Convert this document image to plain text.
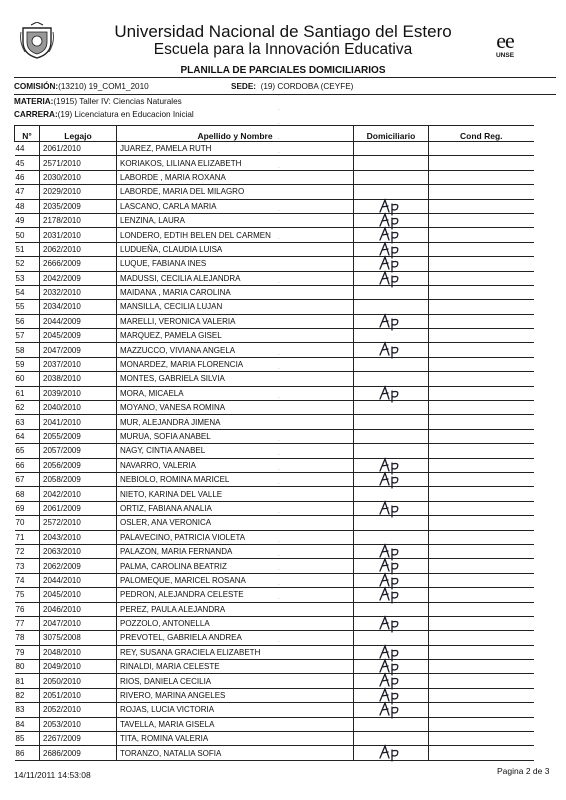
Universidad Nacional de Santiago del Estero
Escuela para la Innovación Educativa	ee
UNSE
PLANILLA DE PARCIALES DOMICILIARIOS
COMISIÓN:(13210) 19_COM1_2010	SEDE: (19) CORDOBA (CEYFE)
MATERIA:(1915) Taller IV: Ciencias Naturales
CARRERA:(19) Licenciatura en Educacion Inicial
N°	Legajo	Apellido y Nombre	Domiciliario	Cond Reg.
44	2061/2010	JUAREZ, PAMELA RUTH		
45	2571/2010	KORIAKOS, LILIANA ELIZABETH		
46	2030/2010	LABORDE , MARIA ROXANA		
47	2029/2010	LABORDE, MARIA DEL MILAGRO		
48	2035/2009	LASCANO, CARLA MARIA	AP	

49	2178/2010	LENZINA, LAURA	AP	

50	2031/2010	LONDERO, EDTIH BELEN DEL CARMEN	AP	

51	2062/2010	LUDUEÑA, CLAUDIA LUISA	AP	

52	2666/2009	LUQUE, FABIANA INES	AP	

53	2042/2009	MADUSSI, CECILIA ALEJANDRA	AP	

54	2032/2010	MAIDANA , MARIA CAROLINA		
55	2034/2010	MANSILLA, CECILIA LUJAN		
56	2044/2009	MARELLI, VERONICA VALERIA	AP	

57	2045/2009	MARQUEZ, PAMELA GISEL		
58	2047/2009	MAZZUCCO, VIVIANA ANGELA	AP	

59	2037/2010	MONARDEZ, MARIA FLORENCIA		
60	2038/2010	MONTES, GABRIELA SILVIA		
61	2039/2010	MORA, MICAELA	AP	

62	2040/2010	MOYANO, VANESA ROMINA		
63	2041/2010	MUR, ALEJANDRA JIMENA		
64	2055/2009	MURUA, SOFIA ANABEL		
65	2057/2009	NAGY, CINTIA ANABEL		
66	2056/2009	NAVARRO, VALERIA	AP	

67	2058/2009	NEBIOLO, ROMINA MARICEL	AP	

68	2042/2010	NIETO, KARINA DEL VALLE		
69	2061/2009	ORTIZ, FABIANA ANALIA	AP	

70	2572/2010	OSLER, ANA VERONICA		
71	2043/2010	PALAVECINO, PATRICIA VIOLETA		
72	2063/2010	PALAZON, MARIA FERNANDA	AP	

73	2062/2009	PALMA, CAROLINA BEATRIZ	AP	

74	2044/2010	PALOMEQUE, MARICEL ROSANA	AP	

75	2045/2010	PEDRON, ALEJANDRA CELESTE	AP	

76	2046/2010	PEREZ, PAULA ALEJANDRA		
77	2047/2010	POZZOLO, ANTONELLA	AP	

78	3075/2008	PREVOTEL, GABRIELA ANDREA		
79	2048/2010	REY, SUSANA GRACIELA ELIZABETH	AP	

80	2049/2010	RINALDI, MARIA CELESTE	AP	

81	2050/2010	RIOS, DANIELA CECILIA	AP	

82	2051/2010	RIVERO, MARINA ANGELES	AP	

83	2052/2010	ROJAS, LUCIA VICTORIA	AP	

84	2053/2010	TAVELLA, MARIA GISELA		
85	2267/2009	TITA, ROMINA VALERIA		
86	2686/2009	TORANZO, NATALIA SOFIA	AP	

14/11/2011 14:53:08	Pagina 2 de 3
